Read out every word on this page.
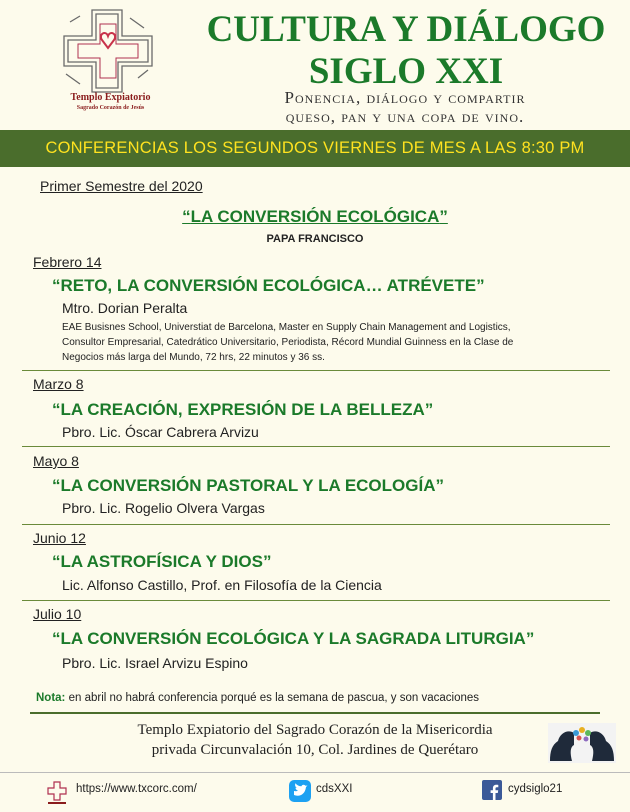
Templo Expiatorio
Sagrado Corazón de Jesús
CULTURA Y DIÁLOGO
SIGLO XXI
Ponencia, diálogo y compartir
queso, pan y una copa de vino.
CONFERENCIAS LOS SEGUNDOS VIERNES DE MES A LAS 8:30 PM
Primer Semestre del 2020
“LA CONVERSIÓN ECOLÓGICA”
PAPA FRANCISCO
Febrero 14
“RETO, LA CONVERSIÓN ECOLÓGICA… ATRÉVETE”
Mtro. Dorian Peralta
EAE Busisnes School, Universtiat de Barcelona, Master en Supply Chain Management and Logistics,
Consultor Empresarial, Catedrático Universitario, Periodista, Récord Mundial Guinness en la Clase de
Negocios más larga del Mundo, 72 hrs, 22 minutos y 36 ss.
Marzo 8
“LA CREACIÓN, EXPRESIÓN DE LA BELLEZA”
Pbro. Lic. Óscar Cabrera Arvizu
Mayo 8
“LA CONVERSIÓN PASTORAL Y LA ECOLOGÍA”
Pbro. Lic. Rogelio Olvera Vargas
Junio 12
“LA ASTROFÍSICA Y DIOS”
Lic. Alfonso Castillo, Prof. en Filosofía de la Ciencia
Julio 10
“LA CONVERSIÓN ECOLÓGICA Y LA SAGRADA LITURGIA”
Pbro. Lic. Israel Arvizu Espino
Nota: en abril no habrá conferencia porqué es la semana de pascua, y son vacaciones
Templo Expiatorio del Sagrado Corazón de la Misericordia
privada Circunvalación 10, Col. Jardines de Querétaro
https://www.txcorc.com/	cdsXXI	cydsiglo21
